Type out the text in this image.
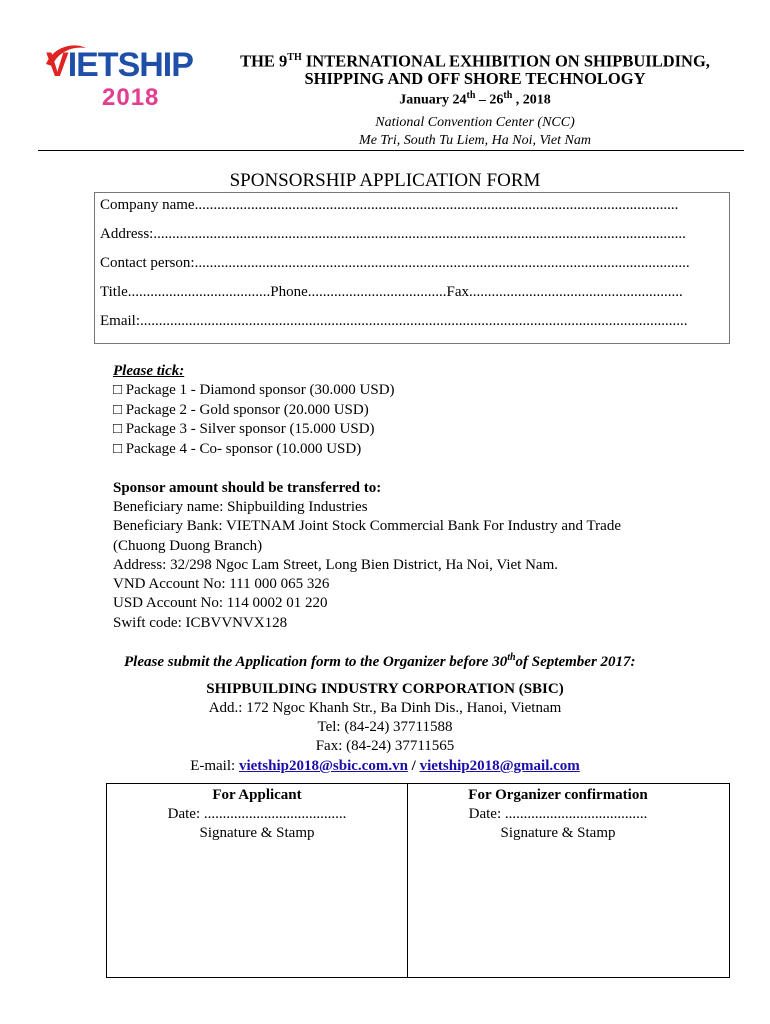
VIETSHIP
2018
THE 9TH INTERNATIONAL EXHIBITION ON SHIPBUILDING,
SHIPPING AND OFF SHORE TECHNOLOGY
January 24th – 26th , 2018
National Convention Center (NCC)
Me Tri, South Tu Liem, Ha Noi, Viet Nam
SPONSORSHIP APPLICATION FORM
Company name.................................................................................................................................
Address:..............................................................................................................................................
Contact person:....................................................................................................................................
Title......................................Phone.....................................Fax.........................................................
Email:..................................................................................................................................................
Please tick:
□ Package 1 - Diamond sponsor (30.000 USD)
□ Package 2 - Gold sponsor (20.000 USD)
□ Package 3 - Silver sponsor (15.000 USD)
□ Package 4 - Co- sponsor (10.000 USD)
Sponsor amount should be transferred to:
Beneficiary name: Shipbuilding Industries
Beneficiary Bank: VIETNAM Joint Stock Commercial Bank For Industry and Trade
(Chuong Duong Branch)
Address: 32/298 Ngoc Lam Street, Long Bien District, Ha Noi, Viet Nam.
VND Account No: 111 000 065 326
USD Account No: 114 0002 01 220
Swift code: ICBVVNVX128
Please submit the Application form to the Organizer before 30thof September 2017:
SHIPBUILDING INDUSTRY CORPORATION (SBIC)
Add.: 172 Ngoc Khanh Str., Ba Dinh Dis., Hanoi, Vietnam
Tel: (84-24) 37711588
Fax: (84-24) 37711565
E-mail: vietship2018@sbic.com.vn / vietship2018@gmail.com
For Applicant
Date: ......................................
Signature & Stamp
For Organizer confirmation
Date: ......................................
Signature & Stamp
